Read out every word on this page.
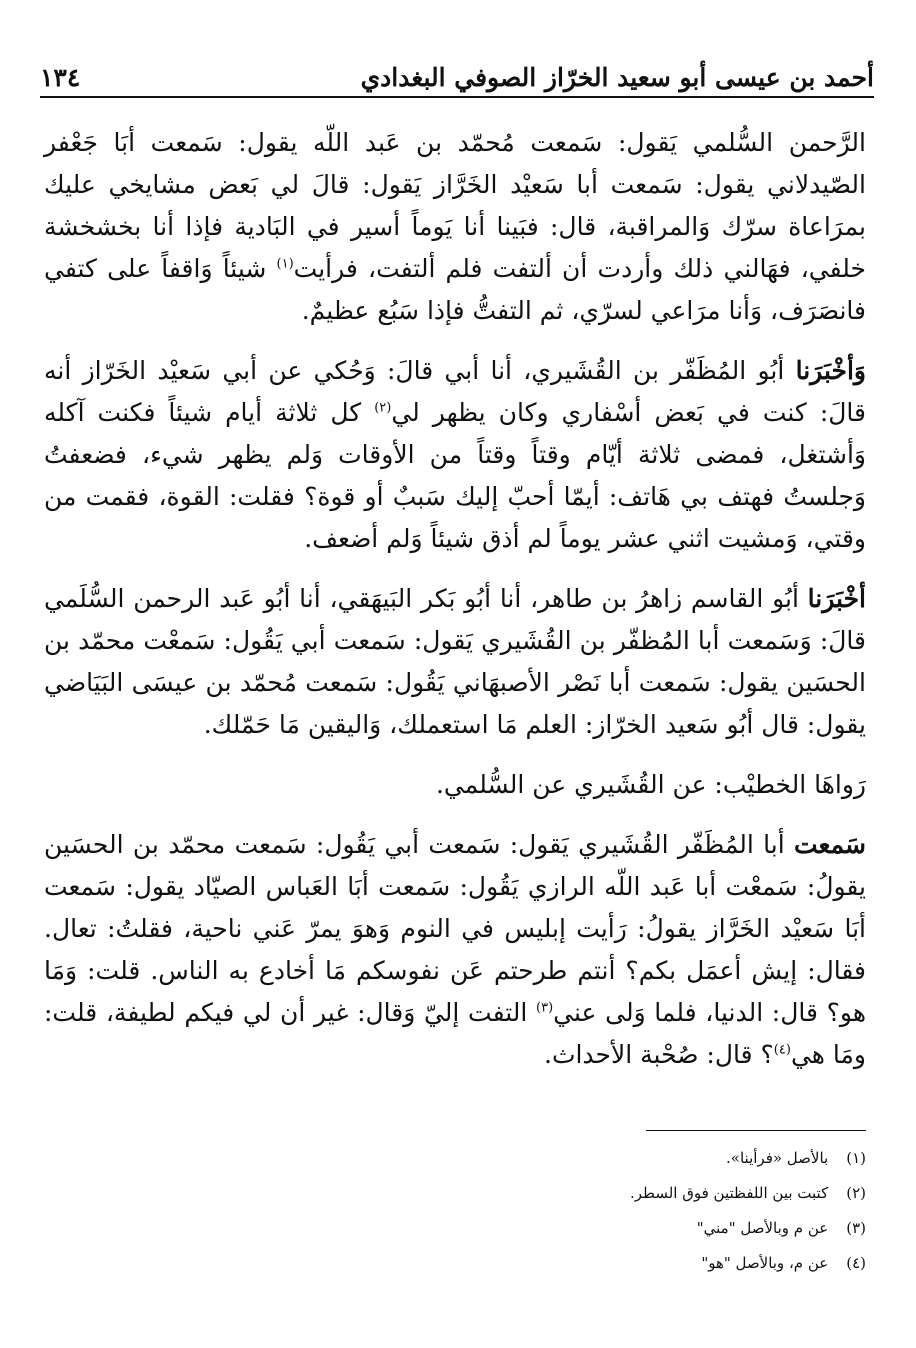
أحمد بن عيسى أبو سعيد الخرّاز الصوفي البغدادي
١٣٤

الرَّحمن السُّلمي يَقول: سَمعت مُحمّد بن عَبد اللّه يقول: سَمعت أبَا جَعْفر الصّيدلاني يقول: سَمعت أبا سَعيْد الخَرَّاز يَقول: قالَ لي بَعض مشايخي عليك بمرَاعاة سرّك وَالمراقبة، قال: فبَينا أنا يَوماً أسير في البَادية فإذا أنا بخشخشة خلفي، فهَالني ذلك وأردت أن ألتفت فلم ألتفت، فرأيت$^{(١)}$ شيئاً وَاقفاً على كتفي فانصَرَف، وَأنا مرَاعي لسرّي، ثم التفتُّ فإذا سَبُع عظيمٌ.

وَأخْبَرَنا أبُو المُظَفّر بن القُشَيري، أنا أبي قالَ: وَحُكي عن أبي سَعيْد الخَرّاز أنه قالَ: كنت في بَعض أسْفاري وكان يظهر لي$^{(٢)}$ كل ثلاثة أيام شيئاً فكنت آكله وَأشتغل، فمضى ثلاثة أيّام وقتاً وقتاً من الأوقات وَلم يظهر شيء، فضعفتُ وَجلستُ فهتف بي هَاتف: أيمّا أحبّ إليك سَببٌ أو قوة؟ فقلت: القوة، فقمت من وقتي، وَمشيت اثني عشر يوماً لم أذق شيئاً وَلم أضعف.

أخْبَرَنا أبُو القاسم زاهرُ بن طاهر، أنا أبُو بَكر البَيهَقي، أنا أبُو عَبد الرحمن السُّلَمي قالَ: وَسَمعت أبا المُظفّر بن القُشَيري يَقول: سَمعت أبي يَقُول: سَمعْت محمّد بن الحسَين يقول: سَمعت أبا نَصْر الأصبهَاني يَقُول: سَمعت مُحمّد بن عيسَى البَيَاضي يقول: قال أبُو سَعيد الخرّاز: العلم مَا استعملك، وَاليقين مَا حَمّلك.

رَواهَا الخطيْب: عن القُشَيري عن السُّلمي.

سَمعت أبا المُظَفّر القُشَيري يَقول: سَمعت أبي يَقُول: سَمعت محمّد بن الحسَين يقولُ: سَمعْت أبا عَبد اللّه الرازي يَقُول: سَمعت أبَا العَباس الصيّاد يقول: سَمعت أبَا سَعيْد الخَرَّاز يقولُ: رَأيت إبليس في النوم وَهوَ يمرّ عَني ناحية، فقلتُ: تعال. فقال: إيش أعمَل بكم؟ أنتم طرحتم عَن نفوسكم مَا أخادع به الناس. قلت: وَمَا هو؟ قال: الدنيا، فلما وَلى عني$^{(٣)}$ التفت إليّ وَقال: غير أن لي فيكم لطيفة، قلت: ومَا هي$^{(٤)}$؟ قال: صُحْبة الأحداث.

(١)
بالأصل «فرأينا».
(٢)
كتبت بين اللفظتين فوق السطر.
(٣)
عن م وبالأصل "مني"
(٤)
عن م، وبالأصل "هو"
